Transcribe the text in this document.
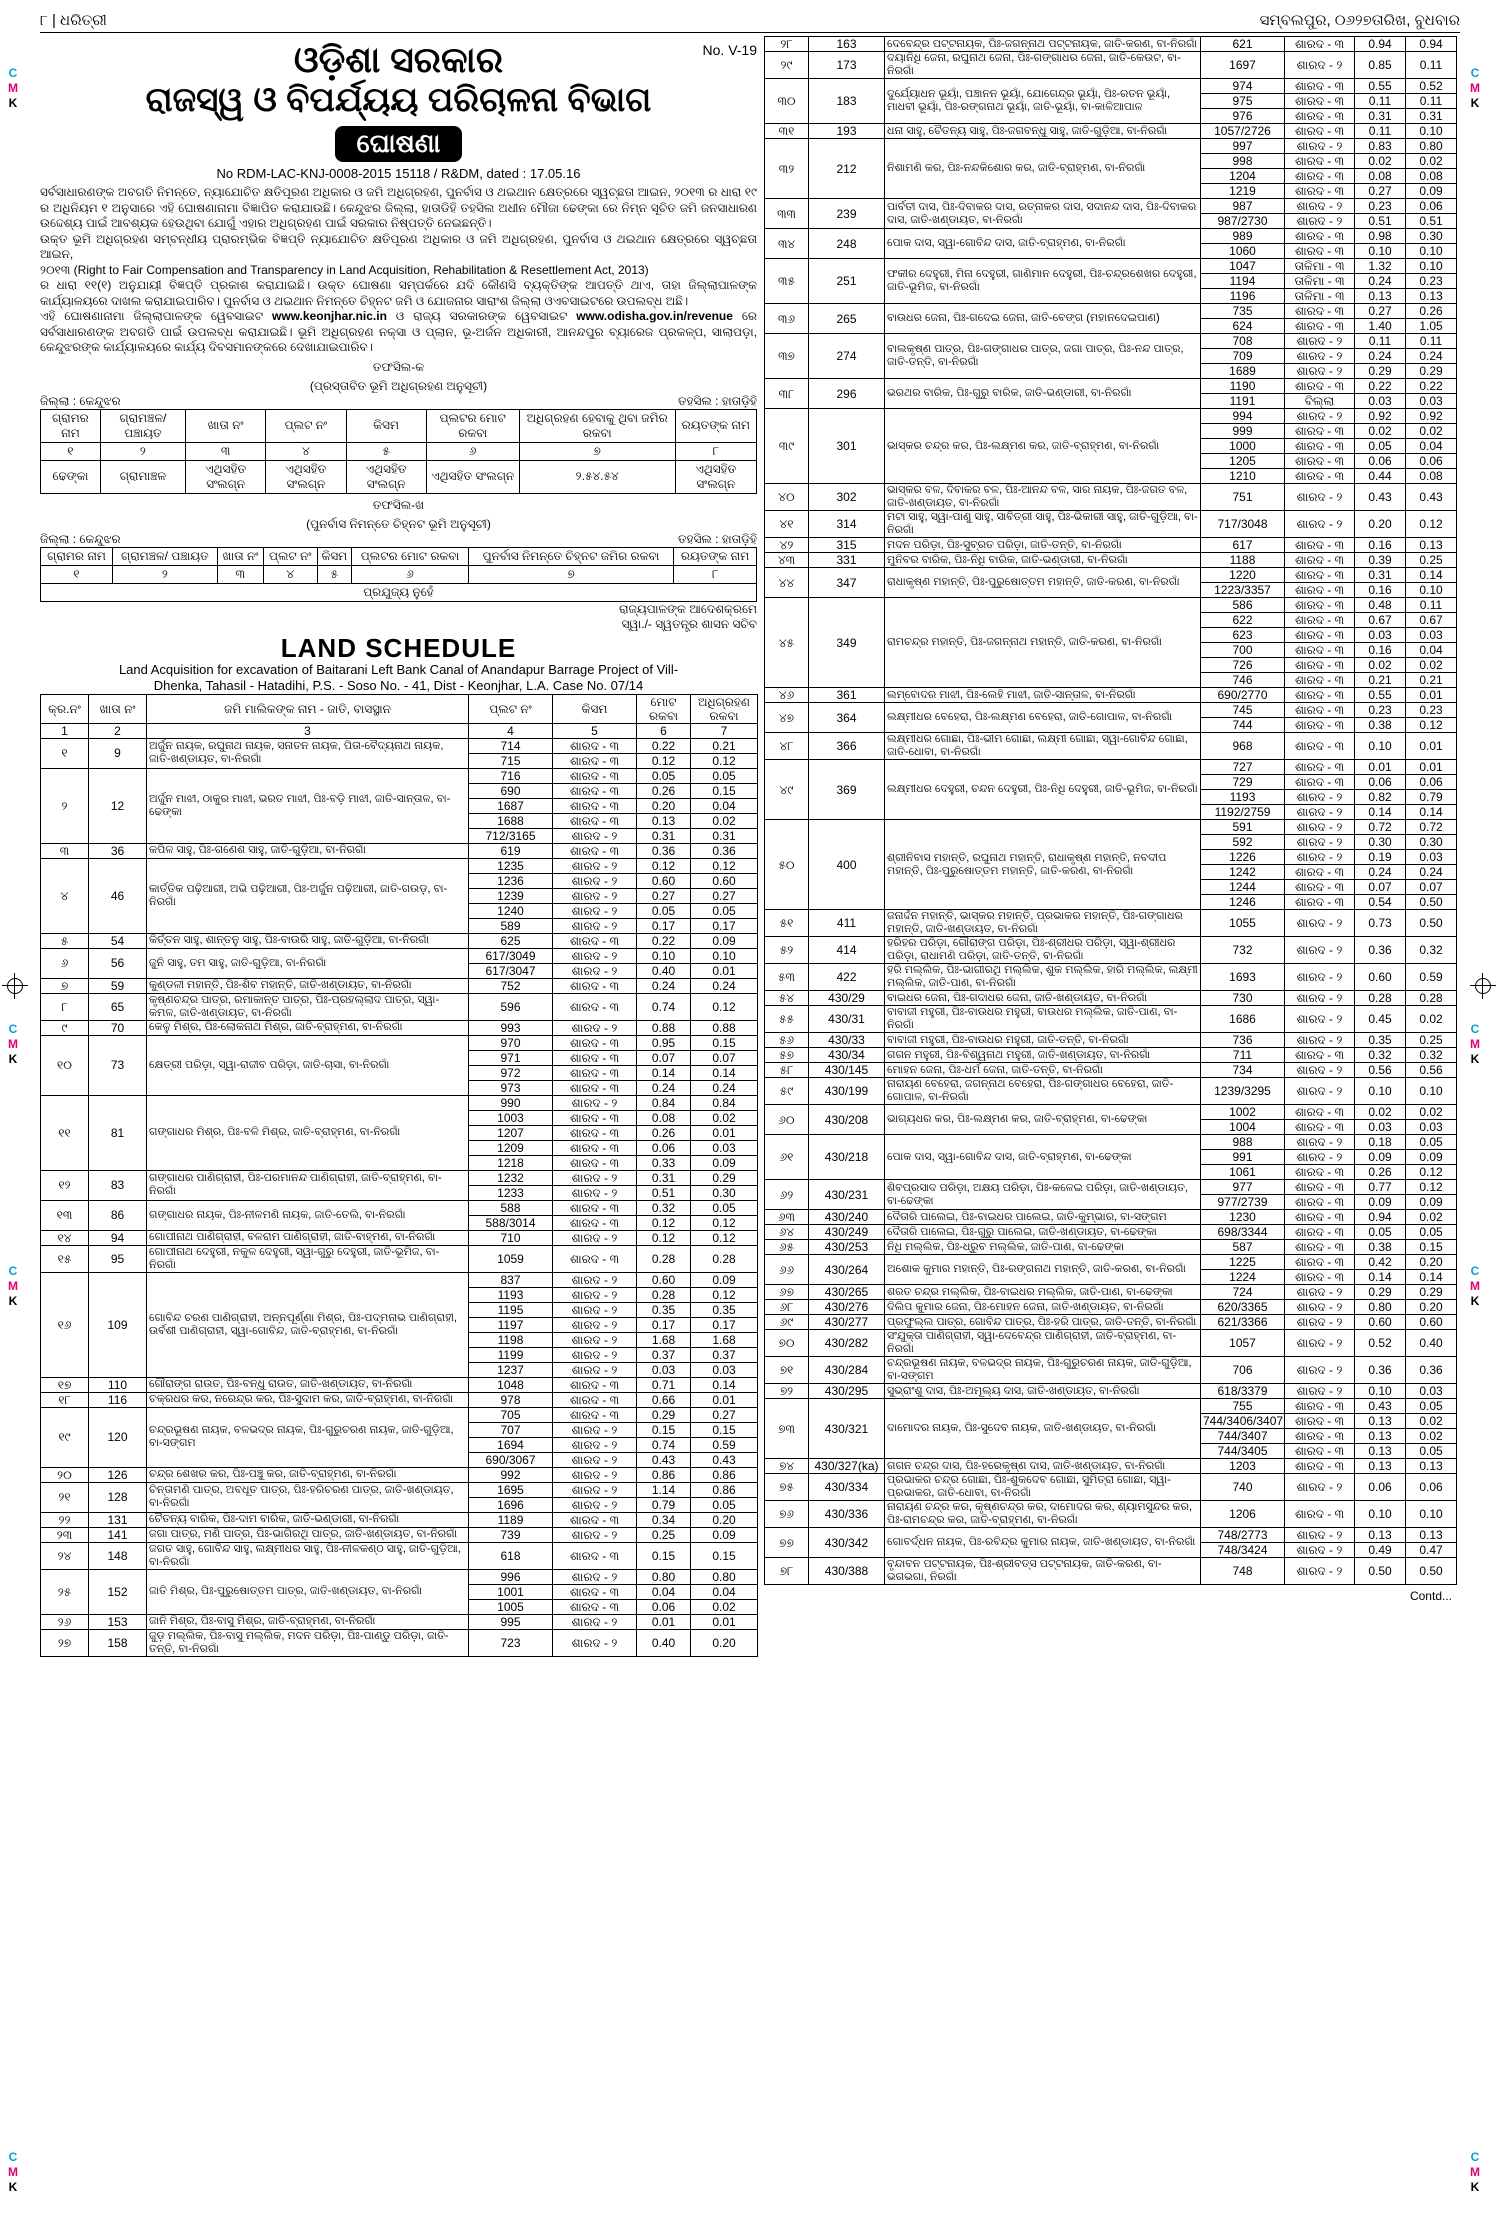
୮ | ଧରିତ୍ରୀ	ସମ୍ବଲପୁର, ୦୬୨୭ତାରିଖ, ବୁଧବାର
C
M
K
C
M
K
C
M
K
C
M
K
C
M
K
C
M
K
C
M
K
C
M
K
No. V-19
ଓଡ଼ିଶା ସରକାର
ରାଜସ୍ୱ ଓ ବିପର୍ଯ୍ୟୟ ପରିଚାଳନା ବିଭାଗ
ଘୋଷଣା
No RDM-LAC-KNJ-0008-2015 15118 / R&DM, dated : 17.05.16

ସର୍ବସାଧାରଣଙ୍କ ଅବଗତି ନିମନ୍ତେ, ନ୍ୟାଯୋଚିତ କ୍ଷତିପୂରଣ ଅଧିକାର ଓ ଜମି ଅଧିଗ୍ରହଣ, ପୁନର୍ବାସ ଓ ଥଇଥାନ କ୍ଷେତ୍ରରେ ସ୍ୱଚ୍ଛତା ଆଇନ, ୨୦୧୩ ର ଧାରା ୧୯ ର ଅଧିନିୟମ ୧ ଅନୁସାରେ ଏହି ଘୋଷଣାନାମା ବିଜ୍ଞାପିତ କରାଯାଉଛି। କେନ୍ଦୁଝର ଜିଲ୍ଲା, ହାତାଡିହି ତହସିଲ ଅଧୀନ ମୌଜା ଢେଙ୍କା ରେ ନିମ୍ନ ସୂଚିତ ଜମି ଜନସାଧାରଣ ଉଦ୍ଦେଶ୍ୟ ପାଇଁ ଆବଶ୍ୟକ ହେଉଥିବା ଯୋଗୁଁ ଏହାର ଅଧିଗ୍ରହଣ ପାଇଁ ସରକାର ନିଷ୍ପତ୍ତି ନେଇଛନ୍ତି।

ଉକ୍ତ ଭୂମି ଅଧିଗ୍ରହଣ ସମ୍ବନ୍ଧୀୟ ପ୍ରାରମ୍ଭିକ ବିଜ୍ଞପ୍ତି ନ୍ୟାଯୋଚିତ କ୍ଷତିପୂରଣ ଅଧିକାର ଓ ଜମି ଅଧିଗ୍ରହଣ, ପୁନର୍ବାସ ଓ ଥଇଥାନ କ୍ଷେତ୍ରରେ ସ୍ୱଚ୍ଛତା ଆଇନ,

୨୦୧୩ (Right to Fair Compensation and Transparency in Land Acquisition, Rehabilitation & Resettlement Act, 2013)

ର ଧାରା ୧୧(୧) ଅନୁଯାୟୀ ବିଜ୍ଞପ୍ତି ପ୍ରକାଶ କରାଯାଇଛି। ଉକ୍ତ ଘୋଷଣା ସମ୍ପର୍କରେ ଯଦି କୌଣସି ବ୍ୟକ୍ତିଙ୍କ ଆପତ୍ତି ଥାଏ, ତାହା ଜିଲ୍ଲାପାଳଙ୍କ କାର୍ଯ୍ୟାଳୟରେ ଦାଖଲ କରାଯାଇପାରିବ। ପୁନର୍ବାସ ଓ ଥଇଥାନ ନିମନ୍ତେ ଚିହ୍ନଟ ଜମି ଓ ଯୋଜନାର ସାରାଂଶ ଜିଲ୍ଲା ଓଏବସାଇଟରେ ଉପଲବ୍ଧ ଅଛି।

ଏହି ଘୋଷଣାନାମା ଜିଲ୍ଲାପାଳଙ୍କ ୱେବସାଇଟ www.keonjhar.nic.in ଓ ରାଜ୍ୟ ସରକାରଙ୍କ ୱେବସାଇଟ www.odisha.gov.in/revenue ରେ ସର୍ବସାଧାରଣଙ୍କ ଅବଗତି ପାଇଁ ଉପଲବ୍ଧ କରାଯାଇଛି। ଭୂମି ଅଧିଗ୍ରହଣ ନକ୍ସା ଓ ପ୍ଲାନ, ଭୂ-ଅର୍ଜନ ଅଧିକାରୀ, ଆନନ୍ଦପୁର ବ୍ୟାରେଜ ପ୍ରକଳ୍ପ, ସାଲାପଡ଼ା, କେନ୍ଦୁଝରଙ୍କ କାର୍ଯ୍ୟାଳୟରେ କାର୍ଯ୍ୟ ଦିବସମାନଙ୍କରେ ଦେଖାଯାଇପାରିବ।

ତଫସିଲ-କ
(ପ୍ରସ୍ତାବିତ ଭୂମି ଅଧିଗ୍ରହଣ ଅନୁସୂଚୀ)
ଜିଲ୍ଲା : କେନ୍ଦୁଝର	ତହସିଲ : ହାତାଡ଼ିହି
ଗ୍ରାମର ନାମ	ଗ୍ରାମଞ୍ଚଳ/ ପଞ୍ଚାୟତ	ଖାତା ନଂ	ପ୍ଲଟ ନଂ	କିସମ	ପ୍ଲଟର ମୋଟ ରକବା	ଅଧିଗ୍ରହଣ ହେବାକୁ ଥିବା ଜମିର ରକବା	ରୟତଙ୍କ ନାମ
୧	୨	୩	୪	୫	୬	୭	୮
ଢେଙ୍କା	ଗ୍ରାମାଞ୍ଚଳ	ଏଥିସହିତ ସଂଲଗ୍ନ	ଏଥିସହିତ ସଂଲଗ୍ନ	ଏଥିସହିତ ସଂଲଗ୍ନ	ଏଥିସହିତ ସଂଲଗ୍ନ	୨.୫୪.୫୪	ଏଥିସହିତ ସଂଲଗ୍ନ
ତଫସିଲ-ଖ
(ପୁନର୍ବାସ ନିମନ୍ତେ ଚିହ୍ନଟ ଭୂମି ଅନୁସୂଚୀ)
ଜିଲ୍ଲା : କେନ୍ଦୁଝର	ତହସିଲ : ହାତାଡ଼ିହି
ଗ୍ରାମର ନାମ	ଗ୍ରାମଞ୍ଚଳ/ ପଞ୍ଚାୟତ	ଖାତା ନଂ	ପ୍ଲଟ ନଂ	କିସମ	ପ୍ଲଟର ମୋଟ ରକବା	ପୁନର୍ବାସ ନିମନ୍ତେ ଚିହ୍ନଟ ଜମିର ରକବା	ରୟତଙ୍କ ନାମ
୧	୨	୩	୪	୫	୬	୭	୮
ପ୍ରଯୁଜ୍ୟ ନୁହେଁ							
ରାଜ୍ୟପାଳଙ୍କ ଆଦେଶକ୍ରମେ
ସ୍ୱା./- ସ୍ୱତନ୍ତ୍ର ଶାସନ ସଚିବ
LAND SCHEDULE
Land Acquisition for excavation of Baitarani Left Bank Canal of Anandapur Barrage Project of Vill-
Dhenka, Tahasil - Hatadihi, P.S. - Soso No. - 41, Dist - Keonjhar, L.A. Case No. 07/14
କ୍ର.ନଂ	ଖାତା ନଂ	ଜମି ମାଲିକଙ୍କ ନାମ - ଜାତି, ବାସସ୍ଥାନ	ପ୍ଲଟ ନଂ	କିସମ	ମୋଟ ରକବା	ଅଧିଗ୍ରହଣ ରକବା
1	2	3	4	5	6	7
୧	9	ଅର୍ଜୁନ ନାୟକ, ରଘୁନାଥ ନାୟକ, ସନାତନ ନାୟକ, ପିତା-ବୈଦ୍ୟନାଥ ନାୟକ, ଜାତି-ଖଣ୍ଡାୟତ, ବା-ନିରଗାଁ	714	ଶାରଦ - ୩	0.22	0.21
			715	ଶାରଦ - ୩	0.12	0.12
୨	12	ଅର୍ଜୁନ ମାଝୀ, ଠାକୁର ମାଝୀ, ଭରତ ମାଝୀ, ପିଃ-ବଡ଼ି ମାଝୀ, ଜାତି-ସାନ୍ତାଳ, ବା-ଢେଙ୍କା	716	ଶାରଦ - ୩	0.05	0.05
			690	ଶାରଦ - ୩	0.26	0.15
			1687	ଶାରଦ - ୩	0.20	0.04
			1688	ଶାରଦ - ୩	0.13	0.02
			712/3165	ଶାରଦ - ୨	0.31	0.31
୩	36	କପିଳ ସାହୁ, ପିଃ-ଗଣେଶ ସାହୁ, ଜାତି-ଗୁଡ଼ିଆ, ବା-ନିରଗାଁ	619	ଶାରଦ - ୩	0.36	0.36
୪	46	କାର୍ତ୍ତିକ ପଢ଼ିଆରୀ, ଅଭି ପଢ଼ିଆରୀ, ପିଃ-ଅର୍ଜୁନ ପଢ଼ିଆରୀ, ଜାତି-ଗଉଡ଼, ବା-ନିରଗାଁ	1235	ଶାରଦ - ୨	0.12	0.12
			1236	ଶାରଦ - ୨	0.60	0.60
			1239	ଶାରଦ - ୨	0.27	0.27
			1240	ଶାରଦ - ୨	0.05	0.05
			589	ଶାରଦ - ୨	0.17	0.17
୫	54	କିର୍ତ୍ତନ ସାହୁ, ଶାନ୍ତନୁ ସାହୁ, ପିଃ-ବାଉରି ସାହୁ, ଜାତି-ଗୁଡ଼ିଆ, ବା-ନିରଗାଁ	625	ଶାରଦ - ୩	0.22	0.09
୬	56	ଜୁନି ସାହୁ, ତମ ସାହୁ, ଜାତି-ଗୁଡ଼ିଆ, ବା-ନିରଗାଁ	617/3049	ଶାରଦ - ୨	0.10	0.10
			617/3047	ଶାରଦ - ୨	0.40	0.01
୭	59	କୁଣ୍ଡଳୀ ମହାନ୍ତି, ପିଃ-ଶିବ ମହାନ୍ତି, ଜାତି-ଖଣ୍ଡାୟତ, ବା-ନିରଗାଁ	752	ଶାରଦ - ୩	0.24	0.24
୮	65	କୃଷ୍ଣଚନ୍ଦ୍ର ପାତ୍ର, ରମାକାନ୍ତ ପାତ୍ର, ପିଃ-ପ୍ରହଲ୍ଲାଦ ପାତ୍ର, ସ୍ୱା-କମଳ, ଜାତି-ଖଣ୍ଡାୟତ, ବା-ନିରଗାଁ	596	ଶାରଦ - ୩	0.74	0.12
୯	70	କେଳୁ ମିଶ୍ର, ପିଃ-ଲୋକନାଥ ମିଶ୍ର, ଜାତି-ବ୍ରାହ୍ମଣ, ବା-ନିରଗାଁ	993	ଶାରଦ - ୨	0.88	0.88
୧୦	73	କ୍ଷେତ୍ରୀ ପରିଡ଼ା, ସ୍ୱା-ରାଜୀବ ପରିଡ଼ା, ଜାତି-ଚାସା, ବା-ନିରଗାଁ	970	ଶାରଦ - ୩	0.95	0.15
			971	ଶାରଦ - ୩	0.07	0.07
			972	ଶାରଦ - ୩	0.14	0.14
			973	ଶାରଦ - ୩	0.24	0.24
୧୧	81	ଗଙ୍ଗାଧର ମିଶ୍ର, ପିଃ-ବଳି ମିଶ୍ର, ଜାତି-ବ୍ରାହ୍ମଣ, ବା-ନିରଗାଁ	990	ଶାରଦ - ୨	0.84	0.84
			1003	ଶାରଦ - ୩	0.08	0.02
			1207	ଶାରଦ - ୩	0.26	0.01
			1209	ଶାରଦ - ୩	0.06	0.03
			1218	ଶାରଦ - ୩	0.33	0.09
୧୨	83	ଗଙ୍ଗାଧର ପାଣିଗ୍ରାହୀ, ପିଃ-ପରମାନନ୍ଦ ପାଣିଗ୍ରାହୀ, ଜାତି-ବ୍ରାହ୍ମଣ, ବା-ନିରଗାଁ	1232	ଶାରଦ - ୨	0.31	0.29
			1233	ଶାରଦ - ୨	0.51	0.30
୧୩	86	ଗଙ୍ଗାଧର ନାୟକ, ପିଃ-ନୀଳମଣି ନାୟକ, ଜାତି-ତେଲି, ବା-ନିରଗାଁ	588	ଶାରଦ - ୩	0.32	0.05
			588/3014	ଶାରଦ - ୩	0.12	0.12
୧୪	94	ଗୋପୀନାଥ ପାଣିଗ୍ରାହୀ, ବଳରାମ ପାଣିଗ୍ରାହୀ, ଜାତି-ବାହ୍ମଣ, ବା-ନିରଗାଁ	710	ଶାରଦ - ୨	0.12	0.12
୧୫	95	ଗୋପୀନାଥ ଦେହୁରୀ, ନକୁଳ ଦେହୁରୀ, ସ୍ୱା-ଗୁରୁ ଦେହୁରୀ, ଜାତି-ଭୂମିଜ, ବା-ନିରଗାଁ	1059	ଶାରଦ - ୩	0.28	0.28
୧୬	109	ଗୋବିନ୍ଦ ଚରଣ ପାଣିଗ୍ରାହୀ, ଅନ୍ନପୂର୍ଣ୍ଣା ମିଶ୍ର, ପିଃ-ପଦ୍ମନାଭ ପାଣିଗ୍ରାହୀ, ଉର୍ବଶୀ ପାଣିଗ୍ରାହୀ, ସ୍ୱା-ଗୋବିନ୍ଦ, ଜାତି-ବ୍ରାହ୍ମଣ, ବା-ନିରଗାଁ	837	ଶାରଦ - ୨	0.60	0.09
			1193	ଶାରଦ - ୨	0.28	0.12
			1195	ଶାରଦ - ୨	0.35	0.35
			1197	ଶାରଦ - ୨	0.17	0.17
			1198	ଶାରଦ - ୨	1.68	1.68
			1199	ଶାରଦ - ୨	0.37	0.37
			1237	ଶାରଦ - ୨	0.03	0.03
୧୭	110	ଗୌରାଙ୍ଗ ରାଉତ, ପିଃ-ବନ୍ଧୁ ରାଉତ, ଜାତି-ଖଣ୍ଡାୟତ, ବା-ନିରଗାଁ	1048	ଶାରଦ - ୩	0.71	0.14
୧୮	116	ଚକ୍ରଧର କର, ନରେନ୍ଦ୍ର କର, ପିଃ-ସୁଦାମ କର, ଜାତି-ବ୍ରାହ୍ମଣ, ବା-ନିରଗାଁ	978	ଶାରଦ - ୩	0.66	0.01
୧୯	120	ଚନ୍ଦ୍ରଭୂଷଣ ନାୟକ, ବଳଭଦ୍ର ନାୟକ, ପିଃ-ଗୁରୁଚରଣ ନାୟକ, ଜାତି-ଗୁଡ଼ିଆ, ବା-ସଙ୍ଗମ	705	ଶାରଦ - ୩	0.29	0.27
			707	ଶାରଦ - ୨	0.15	0.15
			1694	ଶାରଦ - ୨	0.74	0.59
			690/3067	ଶାରଦ - ୨	0.43	0.43
୨୦	126	ଚନ୍ଦ୍ର ଶେଖର କର, ପିଃ-ପଞ୍ଚୁ କର, ଜାତି-ବ୍ରାହ୍ମଣ, ବା-ନିରଗାଁ	992	ଶାରଦ - ୨	0.86	0.86
୨୧	128	ଚିନ୍ତାମଣି ପାତ୍ର, ଅବଧୂତ ପାତ୍ର, ପିଃ-ହରିଚରଣ ପାତ୍ର, ଜାତି-ଖଣ୍ଡାୟତ, ବା-ନିରଗାଁ	1695	ଶାରଦ - ୨	1.14	0.86
			1696	ଶାରଦ - ୨	0.79	0.05
୨୨	131	ଚୈତନ୍ୟ ବାରିକ, ପିଃ-ଦାମ ବାରିକ, ଜାତି-ଭଣ୍ଡାରୀ, ବା-ନିରଗାଁ	1189	ଶାରଦ - ୩	0.34	0.20
୨୩	141	ଜଗା ପାତ୍ର, ମଣି ପାତ୍ର, ପିଃ-ଭାଗିରଥି ପାତ୍ର, ଜାତି-ଖଣ୍ଡାୟତ, ବା-ନିରଗାଁ	739	ଶାରଦ - ୨	0.25	0.09
୨୪	148	ଜଗତ ସାହୁ, ଗୋବିନ୍ଦ ସାହୁ, ଲକ୍ଷ୍ମୀଧର ସାହୁ, ପିଃ-ନୀଳକଣ୍ଠ ସାହୁ, ଜାତି-ଗୁଡ଼ିଆ, ବା-ନିରଗାଁ	618	ଶାରଦ - ୩	0.15	0.15
୨୫	152	ଜାତି ମିଶ୍ର, ପିଃ-ପୁରୁଷୋତ୍ତମ ପାତ୍ର, ଜାତି-ଖଣ୍ଡାୟତ, ବା-ନିରଗାଁ	996	ଶାରଦ - ୨	0.80	0.80
			1001	ଶାରଦ - ୩	0.04	0.04
			1005	ଶାରଦ - ୩	0.06	0.02
୨୬	153	ଜାନି ମିଶ୍ର, ପିଃ-ବାସୁ ମିଶ୍ର, ଜାତି-ବ୍ରାହ୍ମଣ, ବା-ନିରଗାଁ	995	ଶାରଦ - ୨	0.01	0.01
୨୭	158	ଜୁଡ଼ ମଲ୍ଲିକ, ପିଃ-ବାସୁ ମଲ୍ଲିକ, ମଦନ ପରିଡ଼ା, ପିଃ-ପାଣ୍ଡୁ ପରିଡ଼ା, ଜାତି-ତନ୍ତି, ବା-ନିରଗାଁ	723	ଶାରଦ - ୨	0.40	0.20
୨୮	163	ଦେବେନ୍ଦ୍ର ପଟ୍ଟନାୟକ, ପିଃ-ଜଗନ୍ନାଥ ପଟ୍ଟନାୟକ, ଜାତି-କରଣ, ବା-ନିରଗାଁ	621	ଶାରଦ - ୩	0.94	0.94
୨୯	173	ଦୟାନିଧି ଜେନା, ରଘୁନାଥ ଜେନା, ପିଃ-ଗଙ୍ଗାଧର ଜେନା, ଜାତି-କେଉଟ, ବା-ନିରଗାଁ	1697	ଶାରଦ - ୨	0.85	0.11
୩୦	183	ଦୁର୍ଯ୍ୟୋଧନ ଭୂୟାଁ, ପଞ୍ଚାନନ ଭୂୟାଁ, ଯୋଗେନ୍ଦ୍ର ଭୂୟାଁ, ପିଃ-ରତନ ଭୂୟାଁ, ମାଧବୀ ଭୂୟାଁ, ପିଃ-ରଙ୍ଗନାଥ ଭୂୟାଁ, ଜାତି-ଭୂୟାଁ, ବା-କାଳିଆପାଳ	974	ଶାରଦ - ୩	0.55	0.52
			975	ଶାରଦ - ୩	0.11	0.11
			976	ଶାରଦ - ୩	0.31	0.31
୩୧	193	ଧନା ସାହୁ, ଚୈତନ୍ୟ ସାହୁ, ପିଃ-ଜଗବନ୍ଧୁ ସାହୁ, ଜାତି-ଗୁଡ଼ିଆ, ବା-ନିରଗାଁ	1057/2726	ଶାରଦ - ୩	0.11	0.10
୩୨	212	ନିଶାମଣି କର, ପିଃ-ନନ୍ଦକିଶୋର କର, ଜାତି-ବ୍ରାହ୍ମଣ, ବା-ନିରଗାଁ	997	ଶାରଦ - ୨	0.83	0.80
			998	ଶାରଦ - ୩	0.02	0.02
			1204	ଶାରଦ - ୩	0.08	0.08
			1219	ଶାରଦ - ୩	0.27	0.09
୩୩	239	ପାର୍ବତୀ ଦାସ, ପିଃ-ଦିବାକର ଦାସ, ରତ୍ନାକର ଦାସ, ସଦାନନ୍ଦ ଦାସ, ପିଃ-ଦିବାକର ଦାସ, ଜାତି-ଖଣ୍ଡାୟତ, ବା-ନିରଗାଁ	987	ଶାରଦ - ୨	0.23	0.06
			987/2730	ଶାରଦ - ୨	0.51	0.51
୩୪	248	ପୋକ ଦାସ, ସ୍ୱା-ଗୋବିନ୍ଦ ଦାସ, ଜାତି-ବ୍ରାହ୍ମଣ, ବା-ନିରଗାଁ	989	ଶାରଦ - ୩	0.98	0.30
			1060	ଶାରଦ - ୩	0.10	0.10
୩୫	251	ଫକୀର ଦେହୁରୀ, ମିନା ଦେହୁରୀ, ଗାଣିମାନ ଦେହୁରୀ, ପିଃ-ଚନ୍ଦ୍ରଶେଖର ଦେହୁରୀ, ଜାତି-ଭୂମିଜ, ବା-ନିରଗାଁ	1047	ତାଳିମା - ୩	1.32	0.10
			1194	ତାଳିମା - ୩	0.24	0.23
			1196	ତାଳିମା - ୩	0.13	0.13
୩୬	265	ବାଉଧର ଜେନା, ପିଃ-ଗଦେଇ ଜେନା, ଜାତି-ବେଙ୍ଗ (ମହାନଦେଇପାଣ)	735	ଶାରଦ - ୩	0.27	0.26
			624	ଶାରଦ - ୩	1.40	1.05
୩୭	274	ବାଲକୃଷ୍ଣ ପାତ୍ର, ପିଃ-ଗଙ୍ଗାଧର ପାତ୍ର, ଜଗା ପାତ୍ର, ପିଃ-ନନ୍ଦ ପାତ୍ର, ଜାତି-ତନ୍ତି, ବା-ନିରଗାଁ	708	ଶାରଦ - ୨	0.11	0.11
			709	ଶାରଦ - ୨	0.24	0.24
			1689	ଶାରଦ - ୨	0.29	0.29
୩୮	296	ଭରଥର ବାରିକ, ପିଃ-ଗୁରୁ ବାରିକ, ଜାତି-ଭଣ୍ଡାରୀ, ବା-ନିରଗାଁ	1190	ଶାରଦ - ୩	0.22	0.22
			1191	ବିଲ୍ଲା	0.03	0.03
୩୯	301	ଭାସ୍କର ଚନ୍ଦ୍ର କର, ପିଃ-ଲକ୍ଷ୍ମଣ କର, ଜାତି-ବ୍ରାହ୍ମଣ, ବା-ନିରଗାଁ	994	ଶାରଦ - ୨	0.92	0.92
			999	ଶାରଦ - ୩	0.02	0.02
			1000	ଶାରଦ - ୩	0.05	0.04
			1205	ଶାରଦ - ୩	0.06	0.06
			1210	ଶାରଦ - ୩	0.44	0.08
୪୦	302	ଭାସ୍କର ବଳ, ଦିବାକର ବଳ, ପିଃ-ଆନନ୍ଦ ବଳ, ସାର ନାୟକ, ପିଃ-ଜଗତ ବଳ, ଜାତି-ଖଣ୍ଡାୟତ, ବା-ନିରଗାଁ	751	ଶାରଦ - ୨	0.43	0.43
୪୧	314	ମଟା ସାହୁ, ସ୍ୱା-ପାଣୁ ସାହୁ, ସାବିତ୍ରୀ ସାହୁ, ପିଃ-ଭିକାରୀ ସାହୁ, ଜାତି-ଗୁଡ଼ିଆ, ବା-ନିରଗାଁ	717/3048	ଶାରଦ - ୨	0.20	0.12
୪୨	315	ମଦନ ପରିଡ଼ା, ପିଃ-ସୁବ୍ରତ ପରିଡ଼ା, ଜାତି-ତନ୍ତି, ବା-ନିରଗାଁ	617	ଶାରଦ - ୩	0.16	0.13
୪୩	331	ମୁନିବର ବାରିକ, ପିଃ-ନିଧି ବାରିକ, ଜାତି-ଭଣ୍ଡାରୀ, ବା-ନିରଗାଁ	1188	ଶାରଦ - ୩	0.39	0.25
୪୪	347	ରାଧାକୃଷ୍ଣ ମହାନ୍ତି, ପିଃ-ପୁରୁଷୋତ୍ତମ ମହାନ୍ତି, ଜାତି-କରଣ, ବା-ନିରଗାଁ	1220	ଶାରଦ - ୩	0.31	0.14
			1223/3357	ଶାରଦ - ୩	0.16	0.10
୪୫	349	ରାମଚନ୍ଦ୍ର ମହାନ୍ତି, ପିଃ-ଜଗନ୍ନାଥ ମହାନ୍ତି, ଜାତି-କରଣ, ବା-ନିରଗାଁ	586	ଶାରଦ - ୩	0.48	0.11
			622	ଶାରଦ - ୩	0.67	0.67
			623	ଶାରଦ - ୩	0.03	0.03
			700	ଶାରଦ - ୩	0.16	0.04
			726	ଶାରଦ - ୩	0.02	0.02
			746	ଶାରଦ - ୩	0.21	0.21
୪୬	361	ଲମ୍ବୋଦର ମାଝୀ, ପିଃ-ଲେହି ମାଝୀ, ଜାତି-ସାନ୍ତାଳ, ବା-ନିରଗାଁ	690/2770	ଶାରଦ - ୩	0.55	0.01
୪୭	364	ଲକ୍ଷ୍ମୀଧର ବେହେରା, ପିଃ-ଲକ୍ଷ୍ମଣ ବେହେରା, ଜାତି-ଗୋପାଳ, ବା-ନିରଗାଁ	745	ଶାରଦ - ୩	0.23	0.23
			744	ଶାରଦ - ୩	0.38	0.12
୪୮	366	ଲକ୍ଷ୍ମୀଧର ଗୋଛା, ପିଃ-ଭୀମ ଗୋଛା, ଲକ୍ଷ୍ମୀ ଗୋଛା, ସ୍ୱା-ଗୋବିନ୍ଦ ଗୋଛା, ଜାତି-ଧୋବା, ବା-ନିରଗାଁ	968	ଶାରଦ - ୩	0.10	0.01
୪୯	369	ଲକ୍ଷ୍ମୀଧର ଦେହୁରୀ, ଚନ୍ଦନ ଦେହୁରୀ, ପିଃ-ନିଧି ଦେହୁରୀ, ଜାତି-ଭୂମିଜ, ବା-ନିରଗାଁ	727	ଶାରଦ - ୩	0.01	0.01
			729	ଶାରଦ - ୩	0.06	0.06
			1193	ଶାରଦ - ୨	0.82	0.79
			1192/2759	ଶାରଦ - ୨	0.14	0.14
୫୦	400	ଶ୍ରୀନିବାସ ମହାନ୍ତି, ରଘୁନାଥ ମହାନ୍ତି, ରାଧାକୃଷ୍ଣ ମହାନ୍ତି, ନବଦୀପ ମହାନ୍ତି, ପିଃ-ପୁରୁଷୋତ୍ତମ ମହାନ୍ତି, ଜାତି-କରଣ, ବା-ନିରଗାଁ	591	ଶାରଦ - ୨	0.72	0.72
			592	ଶାରଦ - ୨	0.30	0.30
			1226	ଶାରଦ - ୨	0.19	0.03
			1242	ଶାରଦ - ୩	0.24	0.24
			1244	ଶାରଦ - ୩	0.07	0.07
			1246	ଶାରଦ - ୩	0.54	0.50
୫୧	411	ଜନାର୍ଦ୍ଦନ ମହାନ୍ତି, ଭାସ୍କର ମହାନ୍ତି, ପ୍ରଭାକର ମହାନ୍ତି, ପିଃ-ଗଙ୍ଗାଧର ମହାନ୍ତି, ଜାତି-ଖଣ୍ଡାୟତ, ବା-ନିରଗାଁ	1055	ଶାରଦ - ୨	0.73	0.50
୫୨	414	ହରିହର ପରିଡ଼ା, ଗୌରାଙ୍ଗ ପରିଡ଼ା, ପିଃ-ଶ୍ରୀଧର ପରିଡ଼ା, ସ୍ୱା-ଶ୍ରୀଧର ପରିଡ଼ା, ରାଧାମଣି ପରିଡ଼ା, ଜାତି-ତନ୍ତି, ବା-ନିରଗାଁ	732	ଶାରଦ - ୨	0.36	0.32
୫୩	422	ହରି ମଲ୍ଲିକ, ପିଃ-ଭାଗୀରଥି ମଲ୍ଲିକ, ଶୁକ ମଲ୍ଲିକ, ହାରି ମଲ୍ଲିକ, ଲକ୍ଷ୍ମୀ ମଲ୍ଲିକ, ଜାତି-ପାଣ, ବା-ନିରଗାଁ	1693	ଶାରଦ - ୨	0.60	0.59
୫୪	430/29	ବାଇଧର ଜେନା, ପିଃ-ଗଦାଧର ଜେନା, ଜାତି-ଖଣ୍ଡାୟତ, ବା-ନିରଗାଁ	730	ଶାରଦ - ୨	0.28	0.28
୫୫	430/31	ବାବାଜୀ ମହୁରୀ, ପିଃ-ବାଉଧର ମହୁରୀ, ବାଉଧର ମଲ୍ଲିକ, ଜାତି-ପାଣ, ବା-ନିରଗାଁ	1686	ଶାରଦ - ୨	0.45	0.02
୫୬	430/33	ବାବାଜୀ ମହୁରୀ, ପିଃ-ବାଉଧର ମହୁରୀ, ଜାତି-ତନ୍ତି, ବା-ନିରଗାଁ	736	ଶାରଦ - ୨	0.35	0.25
୫୭	430/34	ଗଗନ ମହୁରୀ, ପିଃ-ବିଶ୍ୱନାଥ ମହୁରୀ, ଜାତି-ଖଣ୍ଡାୟତ, ବା-ନିରଗାଁ	711	ଶାରଦ - ୩	0.32	0.32
୫୮	430/145	ମୋହନ ଜେନା, ପିଃ-ଧର୍ମ ଜେନା, ଜାତି-ତନ୍ତି, ବା-ନିରଗାଁ	734	ଶାରଦ - ୨	0.56	0.56
୫୯	430/199	ନାରାୟଣ ବେହେରା, ଜଗନ୍ନାଥ ବେହେରା, ପିଃ-ଗଙ୍ଗାଧର ବେହେରା, ଜାତି-ଗୋପାଳ, ବା-ନିରଗାଁ	1239/3295	ଶାରଦ - ୨	0.10	0.10
୬୦	430/208	ଭାଗ୍ୟଧର କର, ପିଃ-ଲକ୍ଷ୍ମଣ କର, ଜାତି-ବ୍ରାହ୍ମଣ, ବା-ଢେଙ୍କା	1002	ଶାରଦ - ୩	0.02	0.02
			1004	ଶାରଦ - ୩	0.03	0.03
୬୧	430/218	ପୋକ ଦାସ, ସ୍ୱା-ଗୋବିନ୍ଦ ଦାସ, ଜାତି-ବ୍ରାହ୍ମଣ, ବା-ଢେଙ୍କା	988	ଶାରଦ - ୨	0.18	0.05
			991	ଶାରଦ - ୨	0.09	0.09
			1061	ଶାରଦ - ୩	0.26	0.12
୬୨	430/231	ଶିବପ୍ରସାଦ ପରିଡ଼ା, ଅକ୍ଷୟ ପରିଡ଼ା, ପିଃ-କଳେଇ ପରିଡ଼ା, ଜାତି-ଖଣ୍ଡାୟତ, ବା-ଢେଙ୍କା	977	ଶାରଦ - ୩	0.77	0.12
			977/2739	ଶାରଦ - ୩	0.09	0.09
୬୩	430/240	ଦୈତାରି ପାଲେଇ, ପିଃ-ବାଇଧର ପାଲେଇ, ଜାତି-କୁମ୍ଭାର, ବା-ସଙ୍ଗମ	1230	ଶାରଦ - ୩	0.94	0.02
୬୪	430/249	ଦୈତାରି ପାଲେଇ, ପିଃ-ଗୁରୁ ପାଲେଇ, ଜାତି-ଖଣ୍ଡାୟତ, ବା-ଢେଙ୍କା	698/3344	ଶାରଦ - ୩	0.05	0.05
୬୫	430/253	ନିଧି ମଲ୍ଲିକ, ପିଃ-ଧ୍ରୁବ ମଲ୍ଲିକ, ଜାତି-ପାଣ, ବା-ଢେଙ୍କା	587	ଶାରଦ - ୩	0.38	0.15
୬୬	430/264	ଅଶୋକ କୁମାର ମହାନ୍ତି, ପିଃ-ରଙ୍ଗନାଥ ମହାନ୍ତି, ଜାତି-କରଣ, ବା-ନିରଗାଁ	1225	ଶାରଦ - ୩	0.42	0.20
			1224	ଶାରଦ - ୩	0.14	0.14
୬୭	430/265	ଶରତ ଚନ୍ଦ୍ର ମଲ୍ଲିକ, ପିଃ-ବାଇଧର ମଲ୍ଲିକ, ଜାତି-ପାଣ, ବା-ଢେଙ୍କା	724	ଶାରଦ - ୨	0.29	0.29
୬୮	430/276	ଦିଲିପ କୁମାର ଜେନା, ପିଃ-ମୋହନ ଜେନା, ଜାତି-ଖଣ୍ଡାୟତ, ବା-ନିରଗାଁ	620/3365	ଶାରଦ - ୨	0.80	0.20
୬୯	430/277	ପ୍ରଫୁଲ୍ଲ ପାତ୍ର, ଗୋବିନ୍ଦ ପାତ୍ର, ପିଃ-ହରି ପାତ୍ର, ଜାତି-ତନ୍ତି, ବା-ନିରଗାଁ	621/3366	ଶାରଦ - ୨	0.60	0.60
୭୦	430/282	ସଂଯୁକ୍ତା ପାଣିଗ୍ରାହୀ, ସ୍ୱା-ଦେବେନ୍ଦ୍ର ପାଣିଗ୍ରାହୀ, ଜାତି-ବ୍ରାହ୍ମଣ, ବା-ନିରଗାଁ	1057	ଶାରଦ - ୨	0.52	0.40
୭୧	430/284	ଚନ୍ଦ୍ରଭୂଷଣ ନାୟକ, ବଳଭଦ୍ର ନାୟକ, ପିଃ-ଗୁରୁଚରଣ ନାୟକ, ଜାତି-ଗୁଡ଼ିଆ, ବା-ସଙ୍ଗମ	706	ଶାରଦ - ୨	0.36	0.36
୭୨	430/295	ସୁଭ୍ରାଂଶୁ ଦାସ, ପିଃ-ଅମୂଲ୍ୟ ଦାସ, ଜାତି-ଖଣ୍ଡାୟତ, ବା-ନିରଗାଁ	618/3379	ଶାରଦ - ୨	0.10	0.03
୭୩	430/321	ଦାମୋଦର ନାୟକ, ପିଃ-ସୁଦେବ ନାୟକ, ଜାତି-ଖଣ୍ଡାୟତ, ବା-ନିରଗାଁ	755	ଶାରଦ - ୩	0.43	0.05
			744/3406/3407	ଶାରଦ - ୩	0.13	0.02
			744/3407	ଶାରଦ - ୩	0.13	0.02
			744/3405	ଶାରଦ - ୩	0.13	0.05
୭୪	430/327(ka)	ଗଗନ ଚନ୍ଦ୍ର ଦାସ, ପିଃ-ହରେକୃଷ୍ଣ ଦାସ, ଜାତି-ଖଣ୍ଡାୟତ, ବା-ନିରଗାଁ	1203	ଶାରଦ - ୩	0.13	0.13
୭୫	430/334	ପ୍ରଭାକର ଚନ୍ଦ୍ର ଗୋଛା, ପିଃ-ଶୁକଦେବ ଗୋଛା, ସୁମିତ୍ରା ଗୋଛା, ସ୍ୱା-ପ୍ରଭାକର, ଜାତି-ଧୋବା, ବା-ନିରଗାଁ	740	ଶାରଦ - ୨	0.06	0.06
୭୬	430/336	ନାରାୟଣ ଚନ୍ଦ୍ର କର, କୃଷ୍ଣଚନ୍ଦ୍ର କର, ଦାମୋଦର କର, ଶ୍ୟାମସୁନ୍ଦର କର, ପିଃ-ରାମଚନ୍ଦ୍ର କର, ଜାତି-ବ୍ରାହ୍ମଣ, ବା-ନିରଗାଁ	1206	ଶାରଦ - ୩	0.10	0.10
୭୭	430/342	ଗୋବର୍ଦ୍ଧନ ନାୟକ, ପିଃ-ରବିନ୍ଦ୍ର କୁମାର ନାୟକ, ଜାତି-ଖଣ୍ଡାୟତ, ବା-ନିରଗାଁ	748/2773	ଶାରଦ - ୨	0.13	0.13
			748/3424	ଶାରଦ - ୨	0.49	0.47
୭୮	430/388	ବୃନ୍ଦାବନ ପଟ୍ଟନାୟକ, ପିଃ-ଶ୍ରୀବତ୍ସ ପଟ୍ଟନାୟକ, ଜାତି-କରଣ, ବା-ଭଗଭଗା, ନିରଗାଁ	748	ଶାରଦ - ୨	0.50	0.50
Contd...
